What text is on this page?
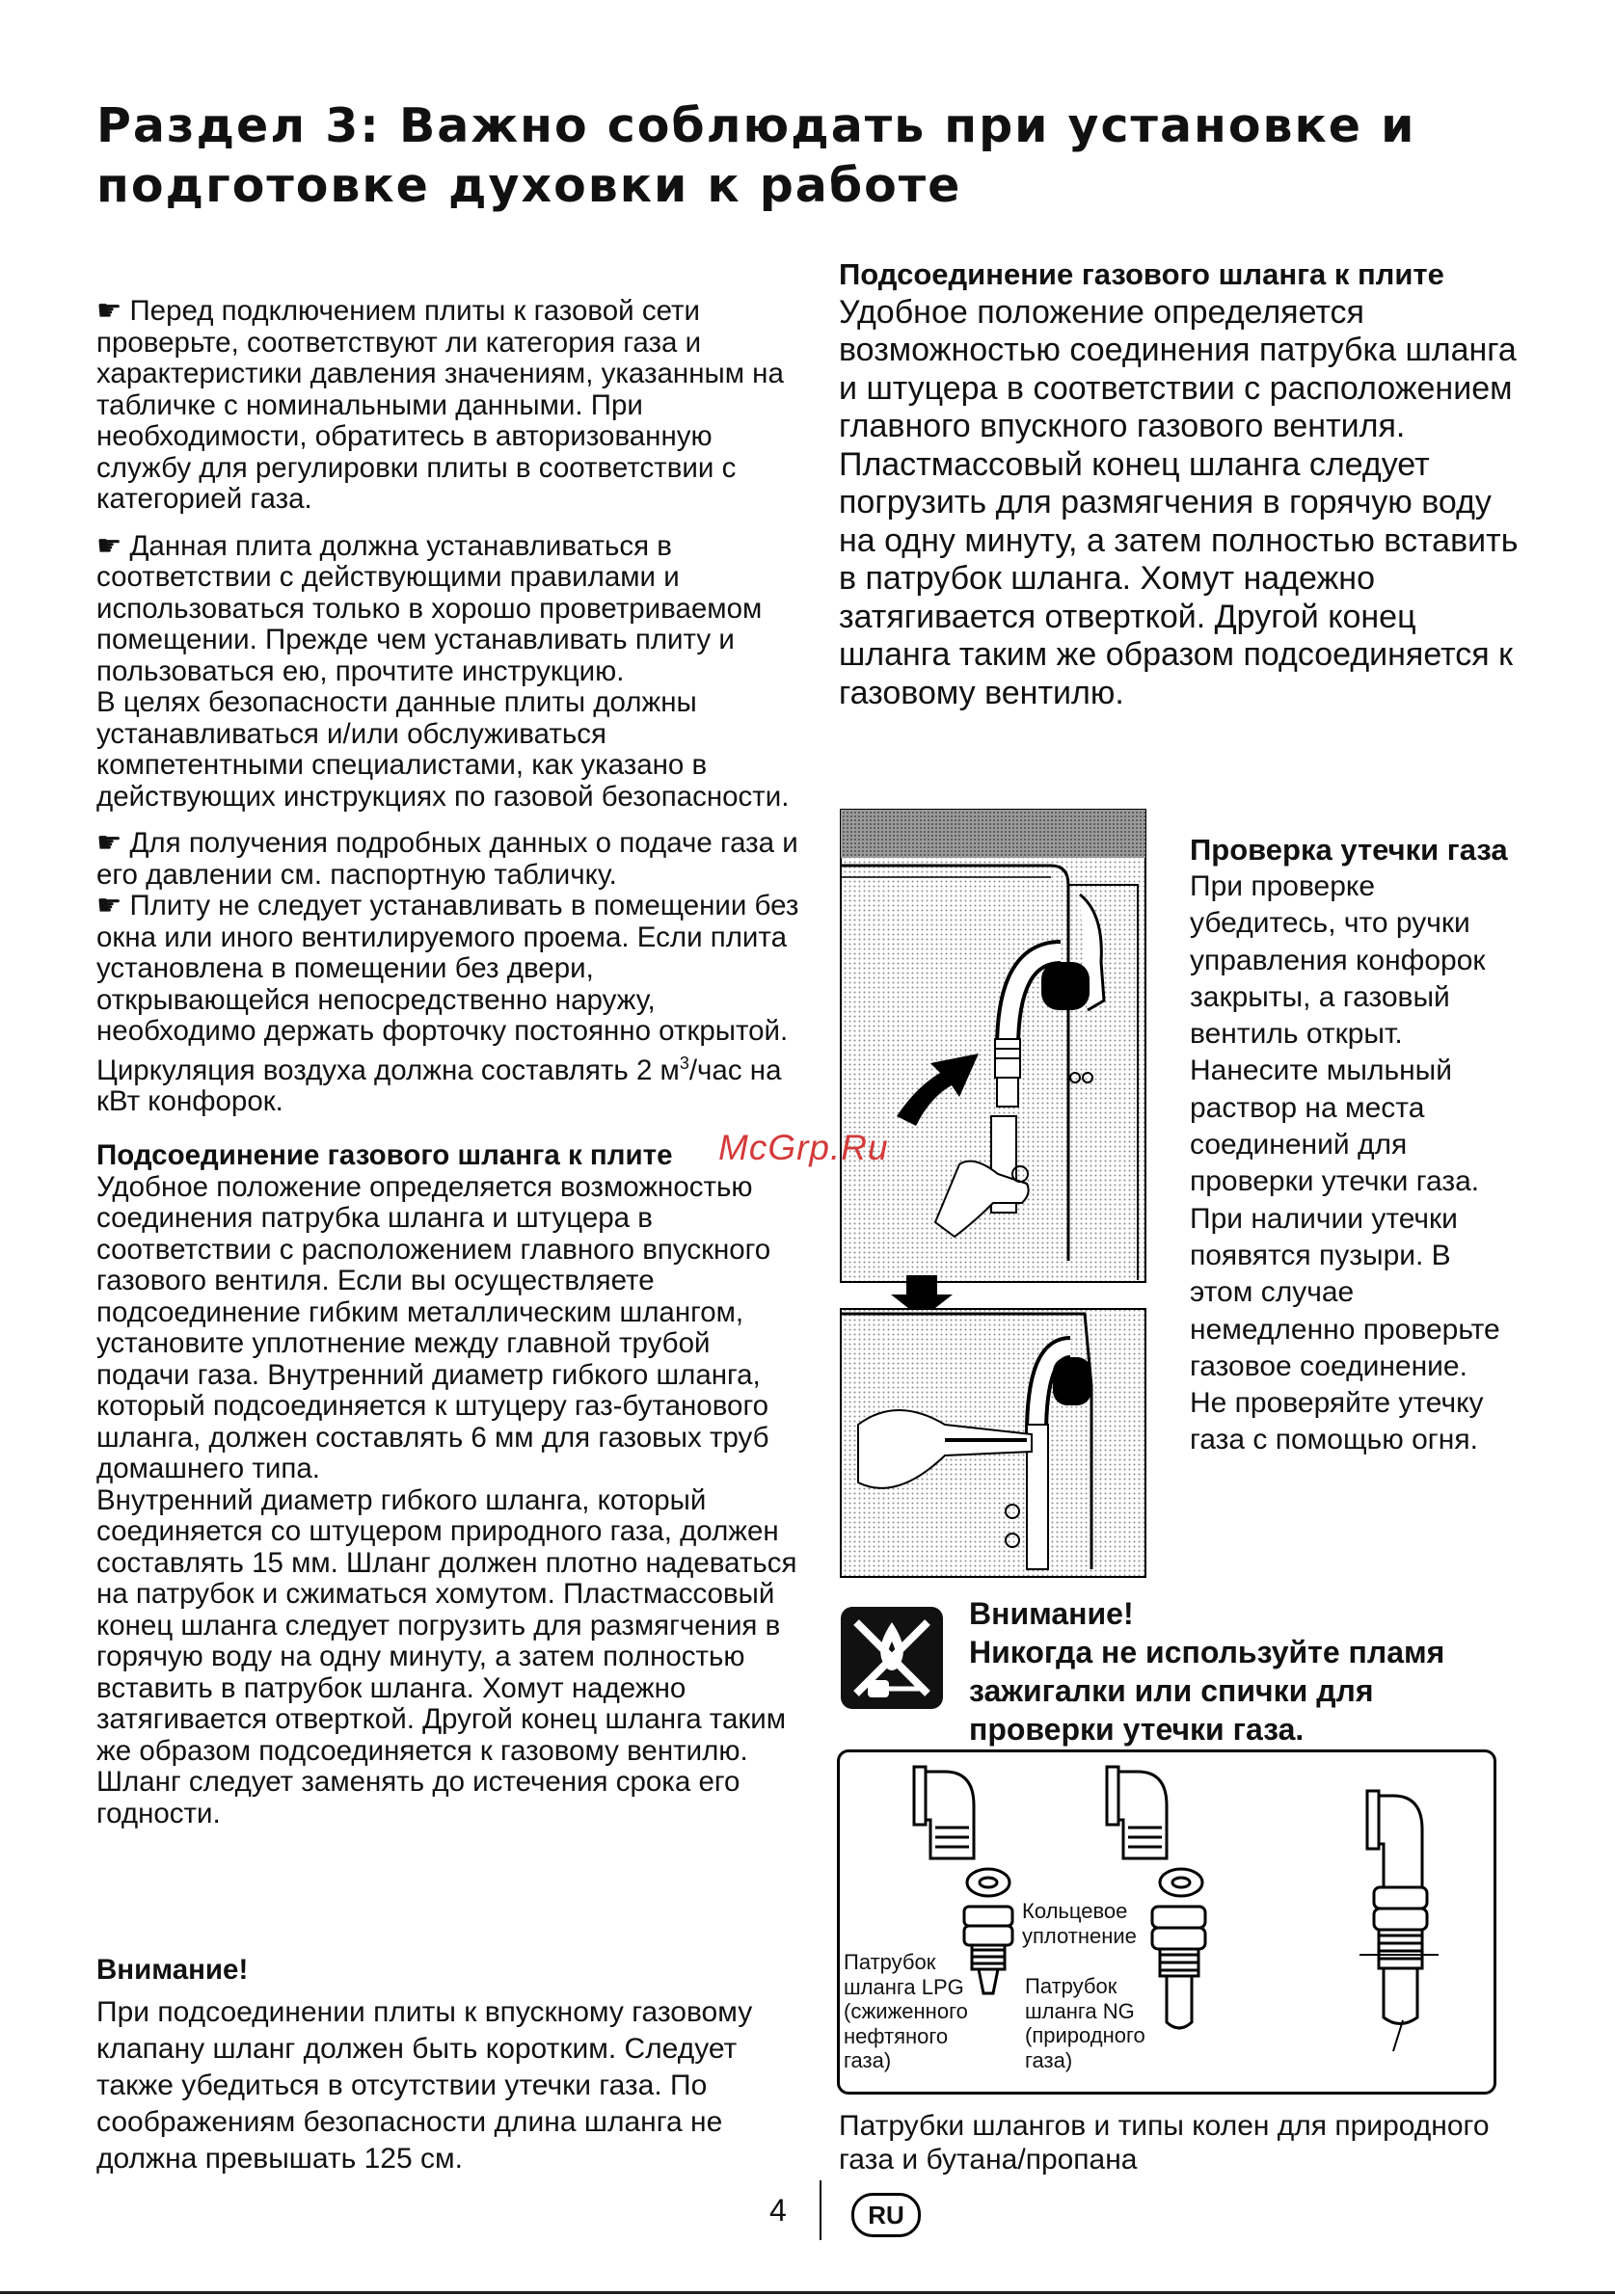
Раздел 3: Важно соблюдать при установке и подготовке духовки к работе

☛ Перед подключением плиты к газовой сети проверьте, соответствуют ли категория газа и характеристики давления значениям, указанным на табличке с номинальными данными. При необходимости, обратитесь в авторизованную службу для регулировки плиты в соответствии с категорией газа.

☛ Данная плита должна устанавливаться в соответствии с действующими правилами и использоваться только в хорошо проветриваемом помещении. Прежде чем устанавливать плиту и пользоваться ею, прочтите инструкцию.

В целях безопасности данные плиты должны устанавливаться и/или обслуживаться компетентными специалистами, как указано в действующих инструкциях по газовой безопасности.

☛ Для получения подробных данных о подаче газа и его давлении см. паспортную табличку.

☛ Плиту не следует устанавливать в помещении без окна или иного вентилируемого проема. Если плита установлена в помещении без двери, открывающейся непосредственно наружу, необходимо держать форточку постоянно открытой.

Циркуляция воздуха должна составлять 2 $м^3$/час на кВт конфорок.

Подсоединение газового шланга к плите

Удобное положение определяется возможностью соединения патрубка шланга и штуцера в соответствии с расположением главного впускного газового вентиля. Если вы осуществляете подсоединение гибким металлическим шлангом, установите уплотнение между главной трубой подачи газа. Внутренний диаметр гибкого шланга, который подсоединяется к штуцеру газ-бутанового шланга, должен составлять 6 мм для газовых труб домашнего типа.

Внутренний диаметр гибкого шланга, который соединяется со штуцером природного газа, должен составлять 15 мм. Шланг должен плотно надеваться на патрубок и сжиматься хомутом. Пластмассовый конец шланга следует погрузить для размягчения в горячую воду на одну минуту, а затем полностью вставить в патрубок шланга. Хомут надежно затягивается отверткой. Другой конец шланга таким же образом подсоединяется к газовому вентилю.

Шланг следует заменять до истечения срока его годности.

Внимание!
При подсоединении плиты к впускному газовому клапану шланг должен быть коротким. Следует также убедиться в отсутствии утечки газа. По соображениям безопасности длина шланга не должна превышать 125 см.
Подсоединение газового шланга к плите

Удобное положение определяется возможностью соединения патрубка шланга и штуцера в соответствии с расположением главного впускного газового вентиля. Пластмассовый конец шланга следует погрузить для размягчения в горячую воду на одну минуту, а затем полностью вставить в патрубок шланга. Хомут надежно затягивается отверткой. Другой конец шланга таким же образом подсоединяется к газовому вентилю.

Проверка утечки газа

При проверке убедитесь, что ручки управления конфорок закрыты, а газовый вентиль открыт. Нанесите мыльный раствор на места соединений для проверки утечки газа. При наличии утечки появятся пузыри. В этом случае немедленно проверьте газовое соединение. Не проверяйте утечку газа с помощью огня.

Внимание!

Никогда не используйте пламя зажигалки или спички для проверки утечки газа.

Кольцевое
уплотнение
Патрубок
шланга LPG
(сжиженного
нефтяного
газа)
Патрубок
шланга NG
(природного
газа)
Патрубки шлангов и типы колен для природного газа и бутана/пропана
McGrp.Ru
4	RU
